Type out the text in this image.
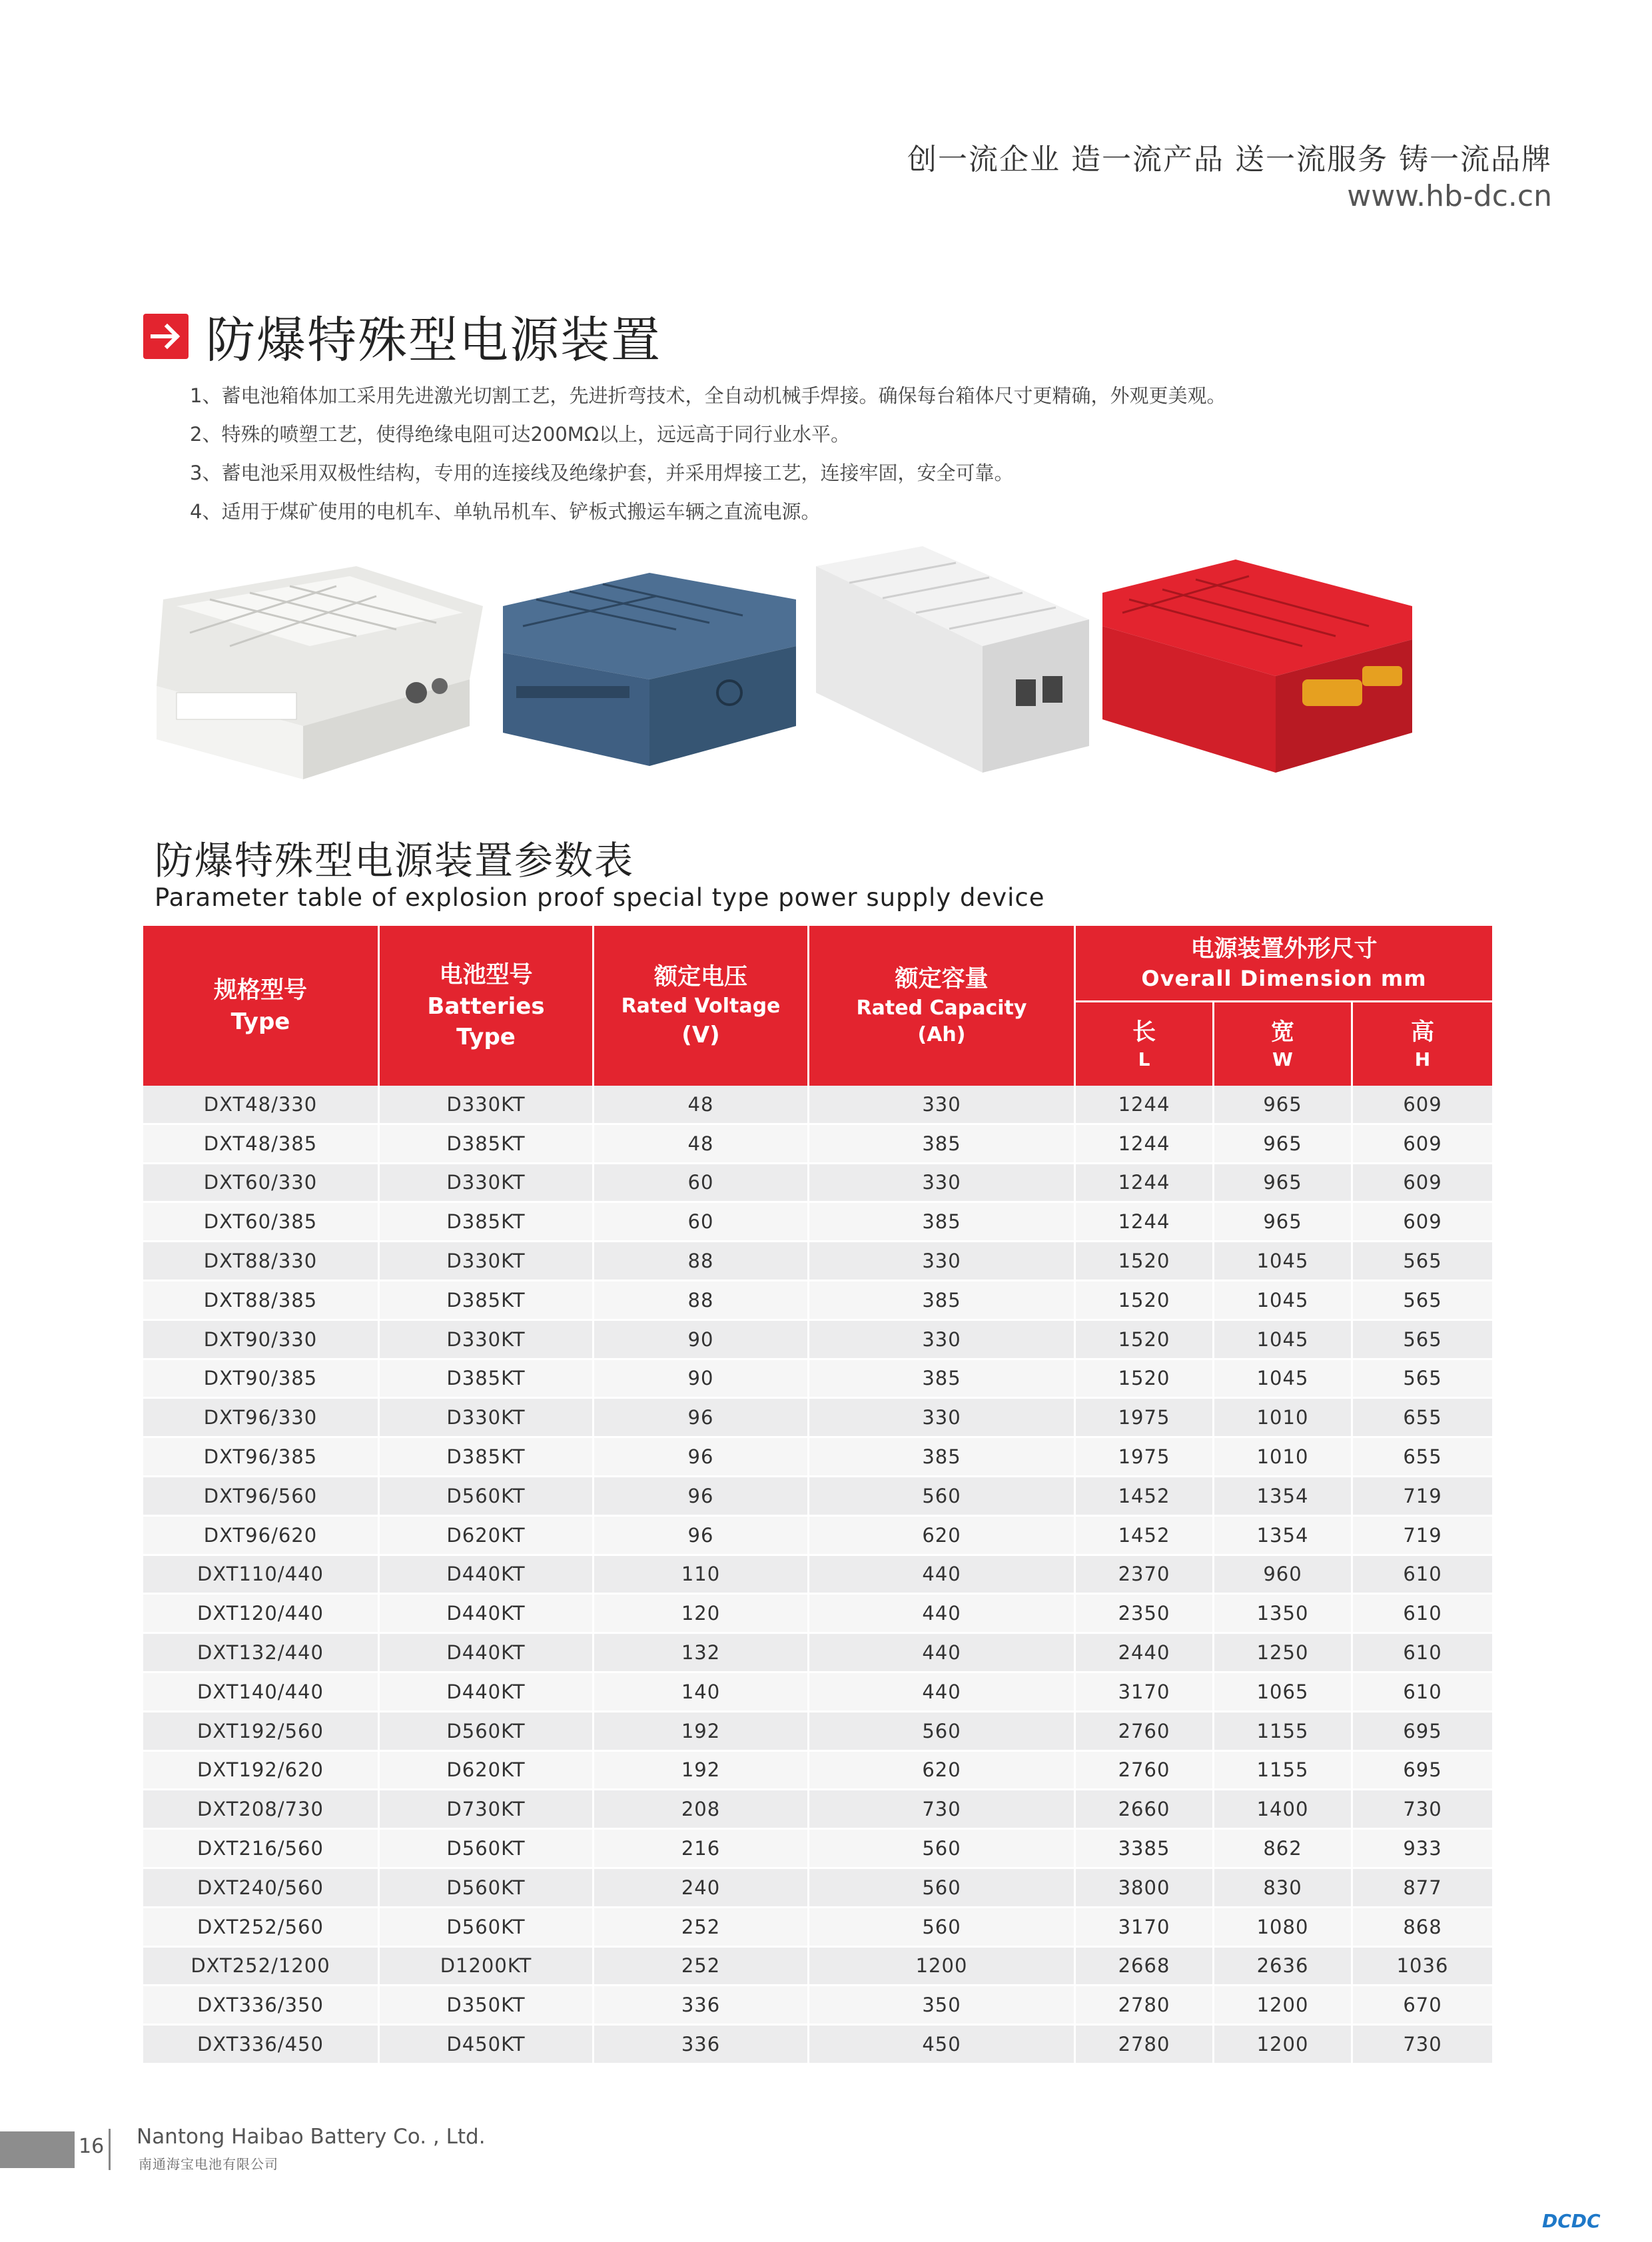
创一流企业 造一流产品 送一流服务 铸一流品牌
www.hb-dc.cn
防爆特殊型电源装置
1、蓄电池箱体加工采用先进激光切割工艺，先进折弯技术，全自动机械手焊接。确保每台箱体尺寸更精确，外观更美观。
2、特殊的喷塑工艺，使得绝缘电阻可达200MΩ以上，远远高于同行业水平。
3、蓄电池采用双极性结构，专用的连接线及绝缘护套，并采用焊接工艺，连接牢固，安全可靠。
4、适用于煤矿使用的电机车、单轨吊机车、铲板式搬运车辆之直流电源。
防爆特殊型电源装置参数表
Parameter table of explosion proof special type power supply device
规格型号
Type
电池型号
Batteries
Type
额定电压
Rated Voltage
(V)
额定容量
Rated Capacity
(Ah)
电源装置外形尺寸
Overall Dimension mm
长
L
宽
W
高
H
DXT48/330	D330KT	48	330	1244	965	609
DXT48/385	D385KT	48	385	1244	965	609
DXT60/330	D330KT	60	330	1244	965	609
DXT60/385	D385KT	60	385	1244	965	609
DXT88/330	D330KT	88	330	1520	1045	565
DXT88/385	D385KT	88	385	1520	1045	565
DXT90/330	D330KT	90	330	1520	1045	565
DXT90/385	D385KT	90	385	1520	1045	565
DXT96/330	D330KT	96	330	1975	1010	655
DXT96/385	D385KT	96	385	1975	1010	655
DXT96/560	D560KT	96	560	1452	1354	719
DXT96/620	D620KT	96	620	1452	1354	719
DXT110/440	D440KT	110	440	2370	960	610
DXT120/440	D440KT	120	440	2350	1350	610
DXT132/440	D440KT	132	440	2440	1250	610
DXT140/440	D440KT	140	440	3170	1065	610
DXT192/560	D560KT	192	560	2760	1155	695
DXT192/620	D620KT	192	620	2760	1155	695
DXT208/730	D730KT	208	730	2660	1400	730
DXT216/560	D560KT	216	560	3385	862	933
DXT240/560	D560KT	240	560	3800	830	877
DXT252/560	D560KT	252	560	3170	1080	868
DXT252/1200	D1200KT	252	1200	2668	2636	1036
DXT336/350	D350KT	336	350	2780	1200	670
DXT336/450	D450KT	336	450	2780	1200	730
16 Nantong Haibao Battery Co. , Ltd.
南通海宝电池有限公司
DCDC
